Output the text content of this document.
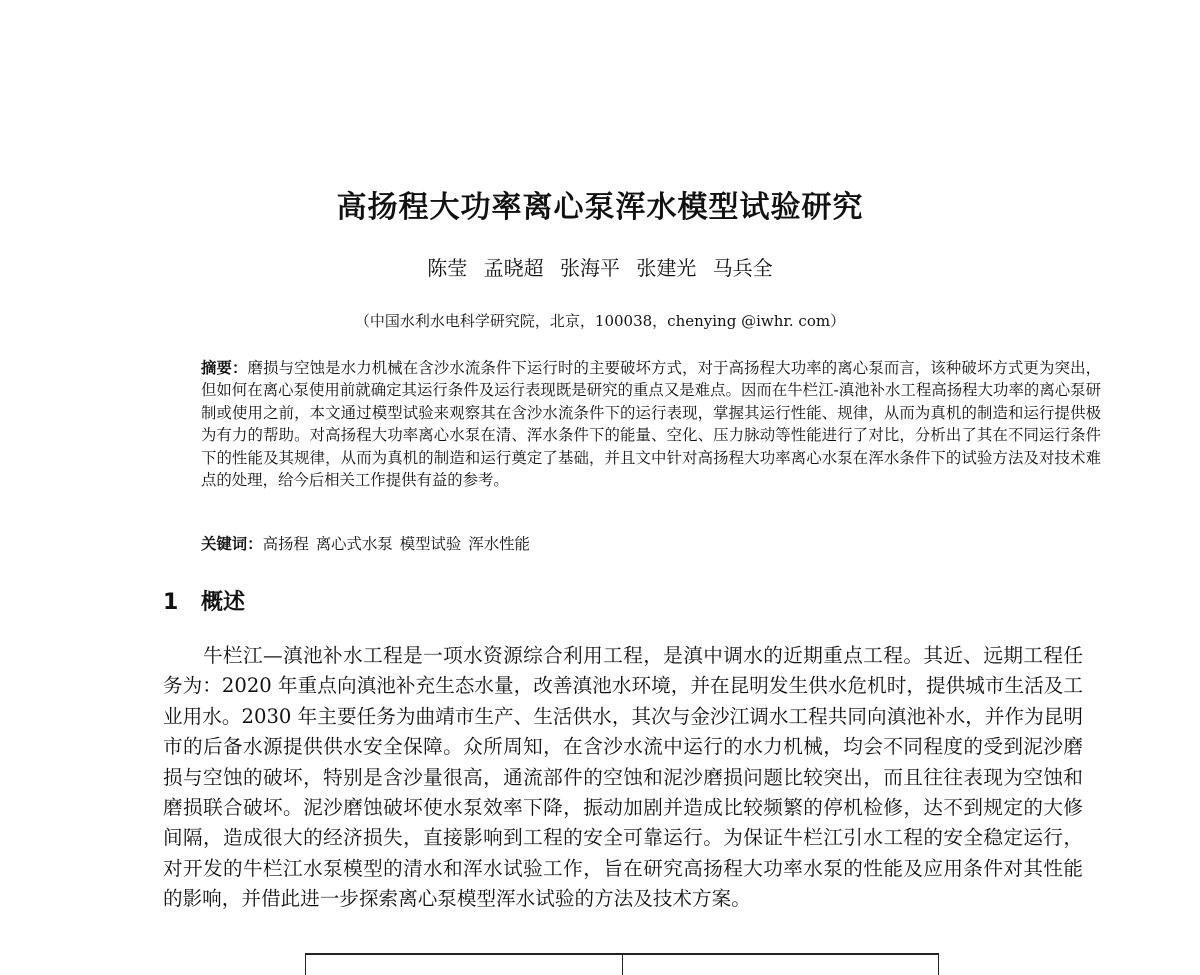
高扬程大功率离心泵浑水模型试验研究
陈莹 孟晓超 张海平 张建光 马兵全
（中国水利水电科学研究院，北京，100038，chenying @iwhr. com）

摘要：磨损与空蚀是水力机械在含沙水流条件下运行时的主要破坏方式，对于高扬程大功率的离心泵而言，该种破坏方式更为突出，但如何在离心泵使用前就确定其运行条件及运行表现既是研究的重点又是难点。因而在牛栏江-滇池补水工程高扬程大功率的离心泵研制或使用之前，本文通过模型试验来观察其在含沙水流条件下的运行表现，掌握其运行性能、规律，从而为真机的制造和运行提供极为有力的帮助。对高扬程大功率离心水泵在清、浑水条件下的能量、空化、压力脉动等性能进行了对比，分析出了其在不同运行条件下的性能及其规律，从而为真机的制造和运行奠定了基础，并且文中针对高扬程大功率离心水泵在浑水条件下的试验方法及对技术难点的处理，给今后相关工作提供有益的参考。

关键词：高扬程 离心式水泵 模型试验 浑水性能

1 概述

牛栏江—滇池补水工程是一项水资源综合利用工程，是滇中调水的近期重点工程。其近、远期工程任务为：2020 年重点向滇池补充生态水量，改善滇池水环境，并在昆明发生供水危机时，提供城市生活及工业用水。2030 年主要任务为曲靖市生产、生活供水，其次与金沙江调水工程共同向滇池补水，并作为昆明市的后备水源提供供水安全保障。众所周知，在含沙水流中运行的水力机械，均会不同程度的受到泥沙磨损与空蚀的破坏，特别是含沙量很高，通流部件的空蚀和泥沙磨损问题比较突出，而且往往表现为空蚀和磨损联合破坏。泥沙磨蚀破坏使水泵效率下降，振动加剧并造成比较频繁的停机检修，达不到规定的大修间隔，造成很大的经济损失，直接影响到工程的安全可靠运行。为保证牛栏江引水工程的安全稳定运行，对开发的牛栏江水泵模型的清水和浑水试验工作，旨在研究高扬程大功率水泵的性能及应用条件对其性能的影响，并借此进一步探索离心泵模型浑水试验的方法及技术方案。
